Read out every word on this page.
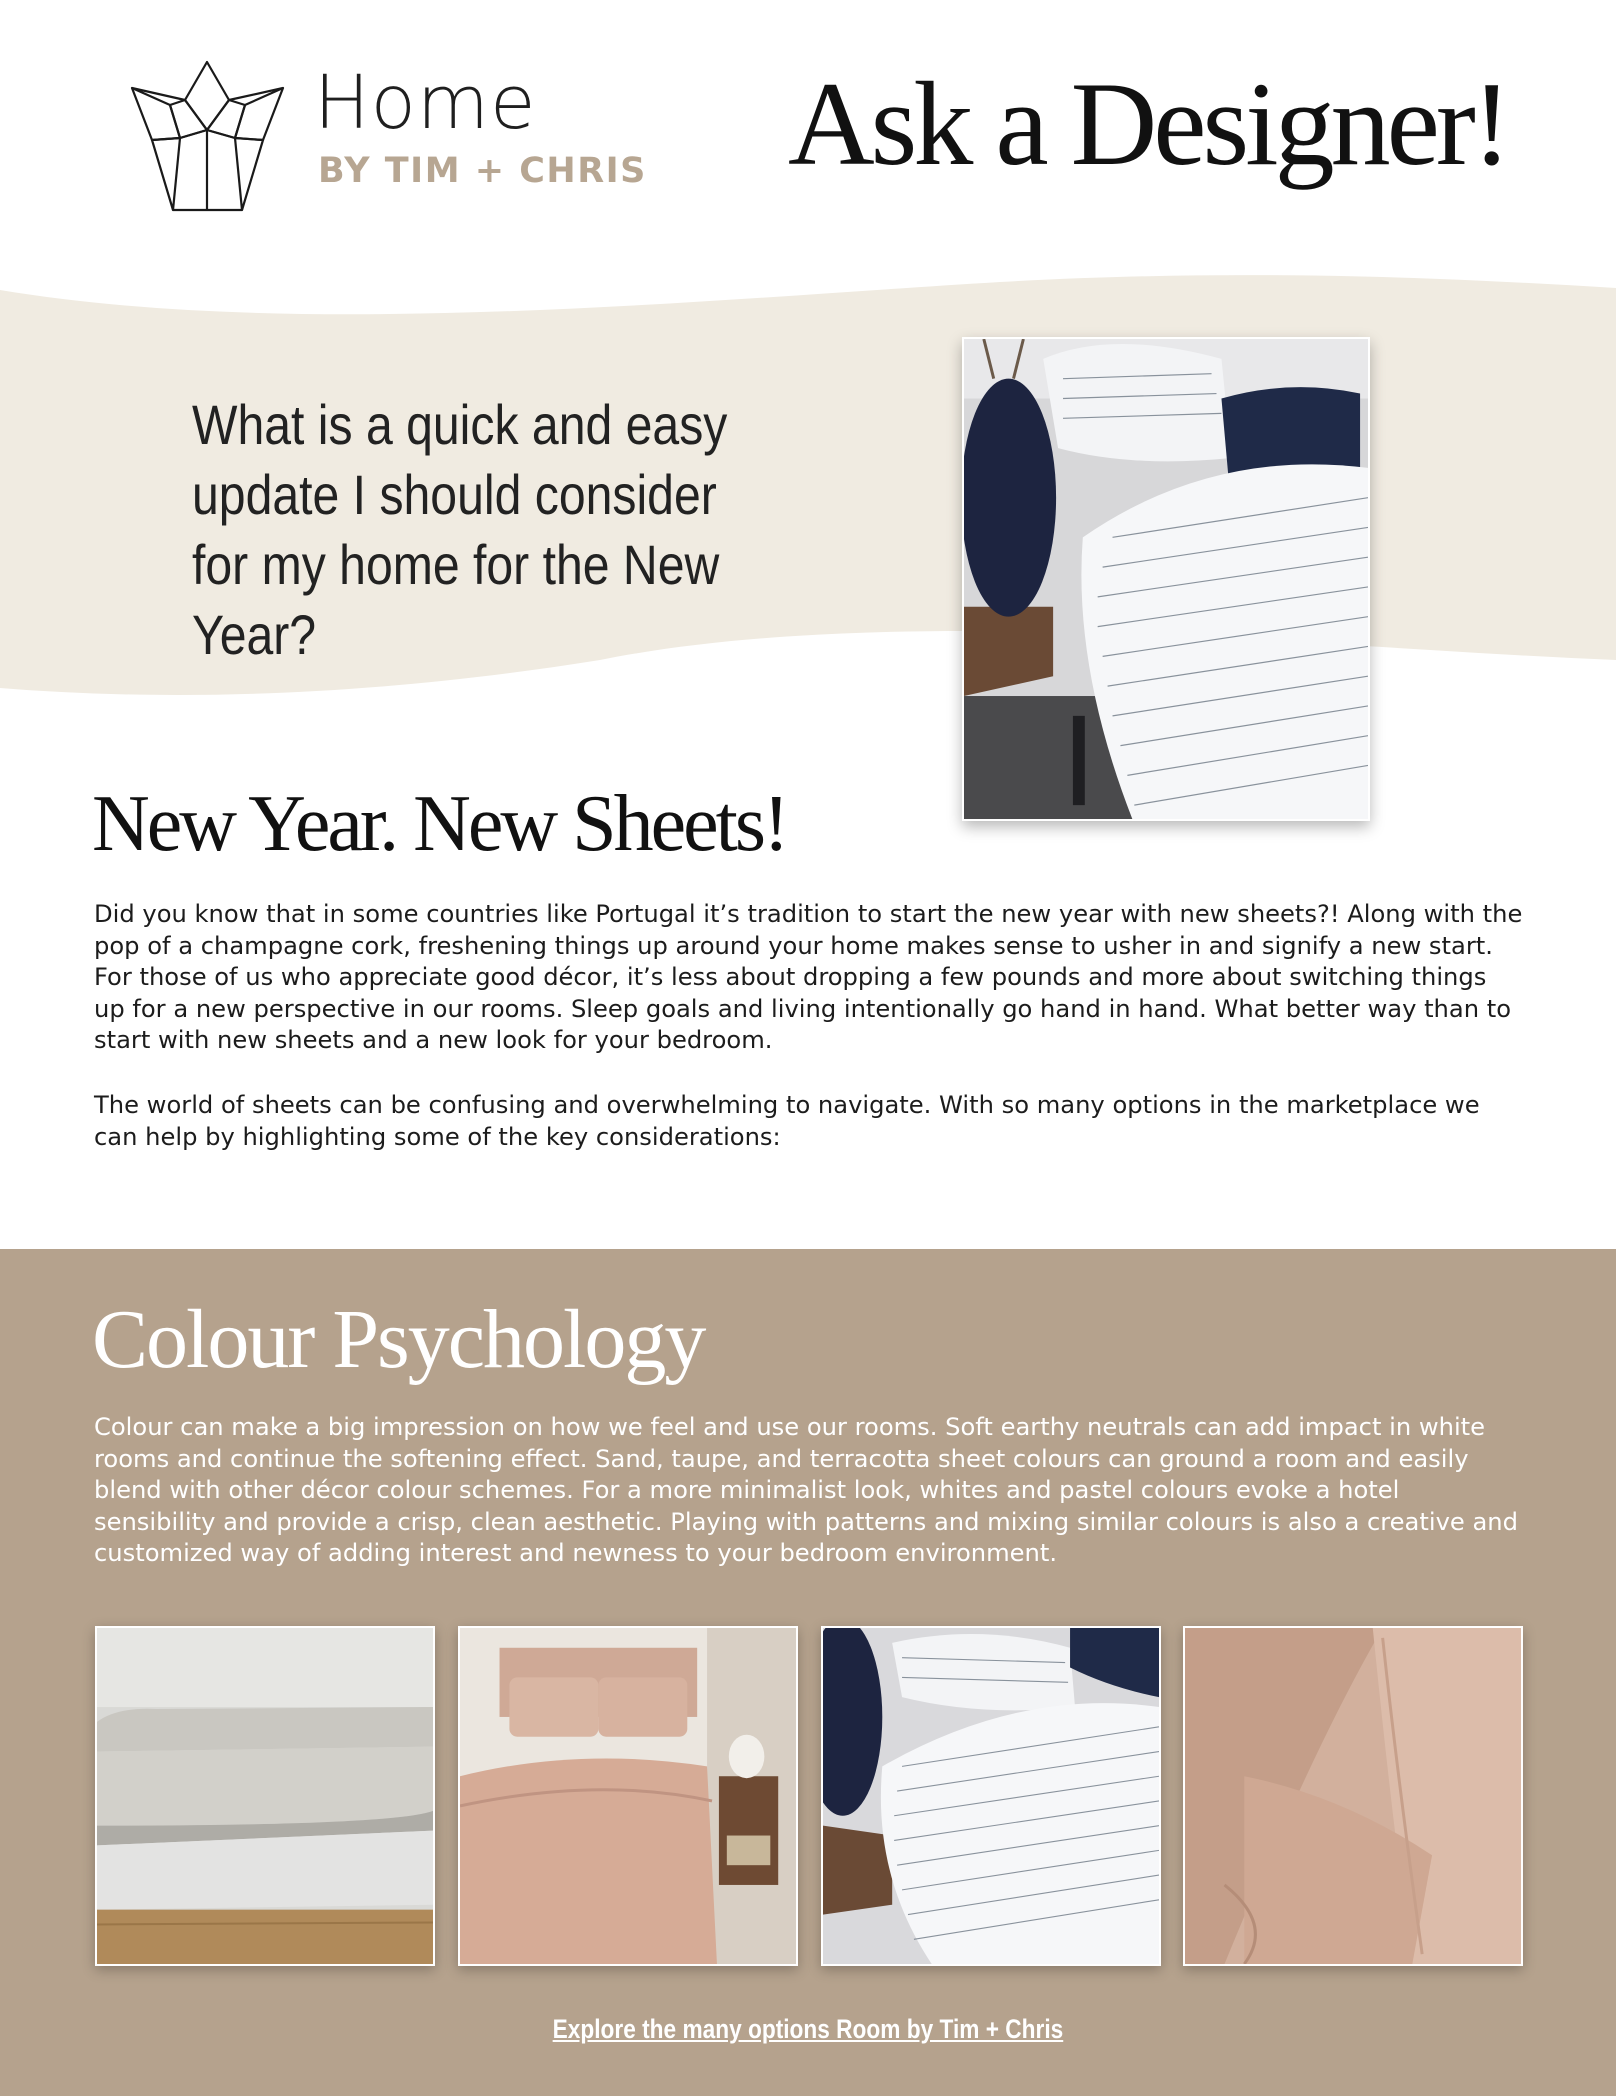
Home
BY TIM + CHRIS Ask a Designer!
What is a quick and easy update I should consider for my home for the New Year?
New Year. New Sheets!
Did you know that in some countries like Portugal it’s tradition to start the new year with new sheets?! Along with the pop of a champagne cork, freshening things up around your home makes sense to usher in and signify a new start. For those of us who appreciate good décor, it’s less about dropping a few pounds and more about switching things up for a new perspective in our rooms. Sleep goals and living intentionally go hand in hand. What better way than to start with new sheets and a new look for your bedroom.
The world of sheets can be confusing and overwhelming to navigate. With so many options in the marketplace we can help by highlighting some of the key considerations:
Colour Psychology
Colour can make a big impression on how we feel and use our rooms. Soft earthy neutrals can add impact in white rooms and continue the softening effect. Sand, taupe, and terracotta sheet colours can ground a room and easily blend with other décor colour schemes. For a more minimalist look, whites and pastel colours evoke a hotel sensibility and provide a crisp, clean aesthetic. Playing with patterns and mixing similar colours is also a creative and customized way of adding interest and newness to your bedroom environment.
Explore the many options Room by Tim + Chris
